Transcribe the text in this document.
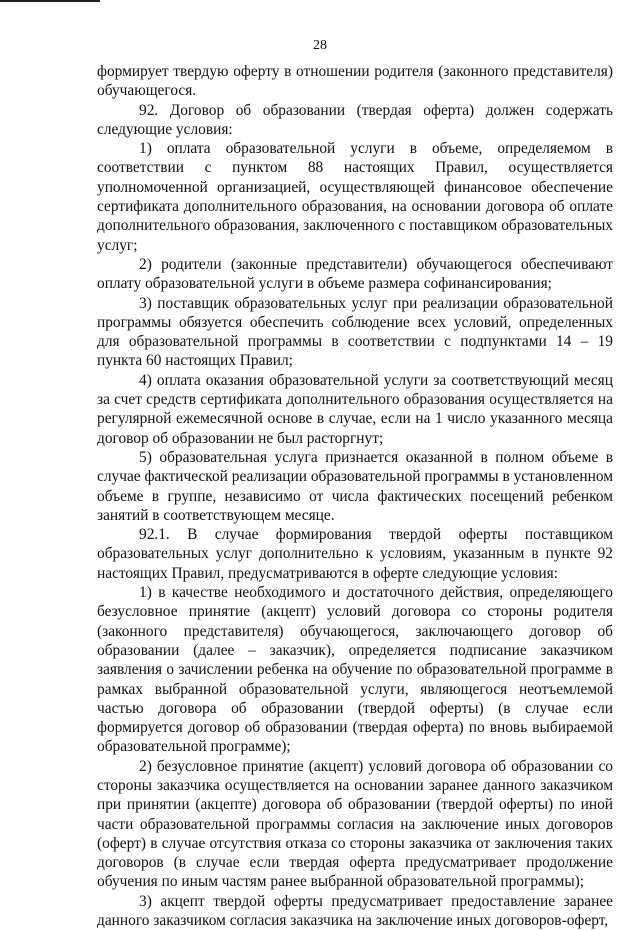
28

формирует твердую оферту в отношении родителя (законного представителя) обучающегося.

92. Договор об образовании (твердая оферта) должен содержать следующие условия:

1) оплата образовательной услуги в объеме, определяемом в соответствии с пунктом 88 настоящих Правил, осуществляется уполномоченной организацией, осуществляющей финансовое обеспечение сертификата дополнительного образования, на основании договора об оплате дополнительного образования, заключенного с поставщиком образовательных услуг;

2) родители (законные представители) обучающегося обеспечивают оплату образовательной услуги в объеме размера софинансирования;

3) поставщик образовательных услуг при реализации образовательной программы обязуется обеспечить соблюдение всех условий, определенных для образовательной программы в соответствии с подпунктами 14 – 19 пункта 60 настоящих Правил;

4) оплата оказания образовательной услуги за соответствующий месяц за счет средств сертификата дополнительного образования осуществляется на регулярной ежемесячной основе в случае, если на 1 число указанного месяца договор об образовании не был расторгнут;

5) образовательная услуга признается оказанной в полном объеме в случае фактической реализации образовательной программы в установленном объеме в группе, независимо от числа фактических посещений ребенком занятий в соответствующем месяце.

92.1. В случае формирования твердой оферты поставщиком образовательных услуг дополнительно к условиям, указанным в пункте 92 настоящих Правил, предусматриваются в оферте следующие условия:

1) в качестве необходимого и достаточного действия, определяющего безусловное принятие (акцепт) условий договора со стороны родителя (законного представителя) обучающегося, заключающего договор об образовании (далее – заказчик), определяется подписание заказчиком заявления о зачислении ребенка на обучение по образовательной программе в рамках выбранной образовательной услуги, являющегося неотъемлемой частью договора об образовании (твердой оферты) (в случае если формируется договор об образовании (твердая оферта) по вновь выбираемой образовательной программе);

2) безусловное принятие (акцепт) условий договора об образовании со стороны заказчика осуществляется на основании заранее данного заказчиком при принятии (акцепте) договора об образовании (твердой оферты) по иной части образовательной программы согласия на заключение иных договоров (оферт) в случае отсутствия отказа со стороны заказчика от заключения таких договоров (в случае если твердая оферта предусматривает продолжение обучения по иным частям ранее выбранной образовательной программы);

3) акцепт твердой оферты предусматривает предоставление заранее данного заказчиком согласия заказчика на заключение иных договоров-оферт,
